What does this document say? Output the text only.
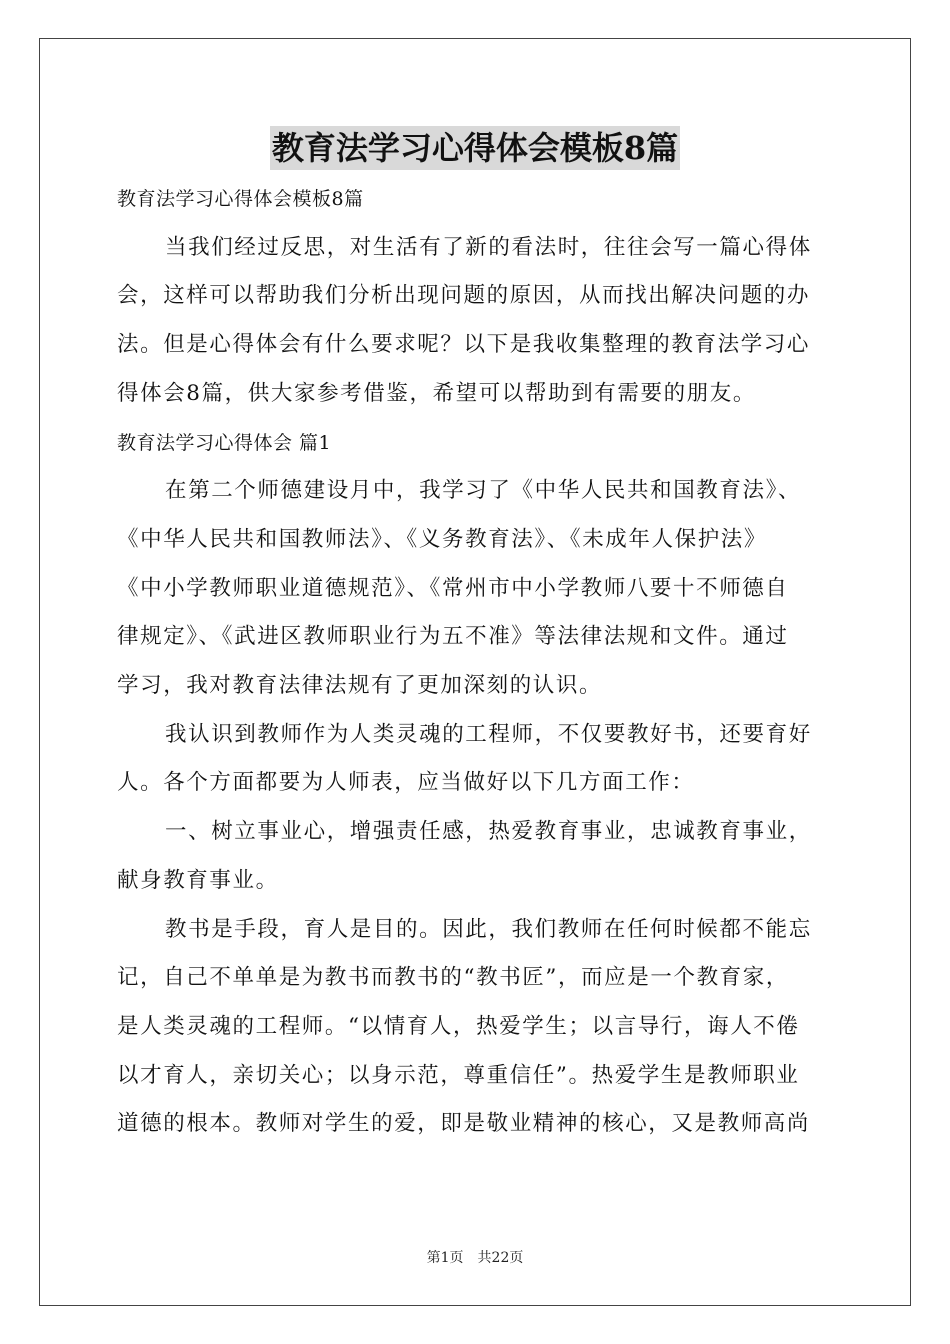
教育法学习心得体会模板8篇
教育法学习心得体会模板8篇
当我们经过反思，对生活有了新的看法时，往往会写一篇心得体
会，这样可以帮助我们分析出现问题的原因，从而找出解决问题的办
法。但是心得体会有什么要求呢？以下是我收集整理的教育法学习心
得体会8篇，供大家参考借鉴，希望可以帮助到有需要的朋友。
教育法学习心得体会 篇1
在第二个师德建设月中，我学习了《中华人民共和国教育法》、
《中华人民共和国教师法》、《义务教育法》、《未成年人保护法》
《中小学教师职业道德规范》、《常州市中小学教师八要十不师德自
律规定》、《武进区教师职业行为五不准》等法律法规和文件。通过
学习，我对教育法律法规有了更加深刻的认识。
我认识到教师作为人类灵魂的工程师，不仅要教好书，还要育好
人。各个方面都要为人师表，应当做好以下几方面工作：
一、树立事业心，增强责任感，热爱教育事业，忠诚教育事业，
献身教育事业。
教书是手段，育人是目的。因此，我们教师在任何时候都不能忘
记，自己不单单是为教书而教书的“教书匠”，而应是一个教育家，
是人类灵魂的工程师。“以情育人，热爱学生；以言导行，诲人不倦
以才育人，亲切关心；以身示范，尊重信任”。热爱学生是教师职业
道德的根本。教师对学生的爱，即是敬业精神的核心，又是教师高尚
第1页　共22页
